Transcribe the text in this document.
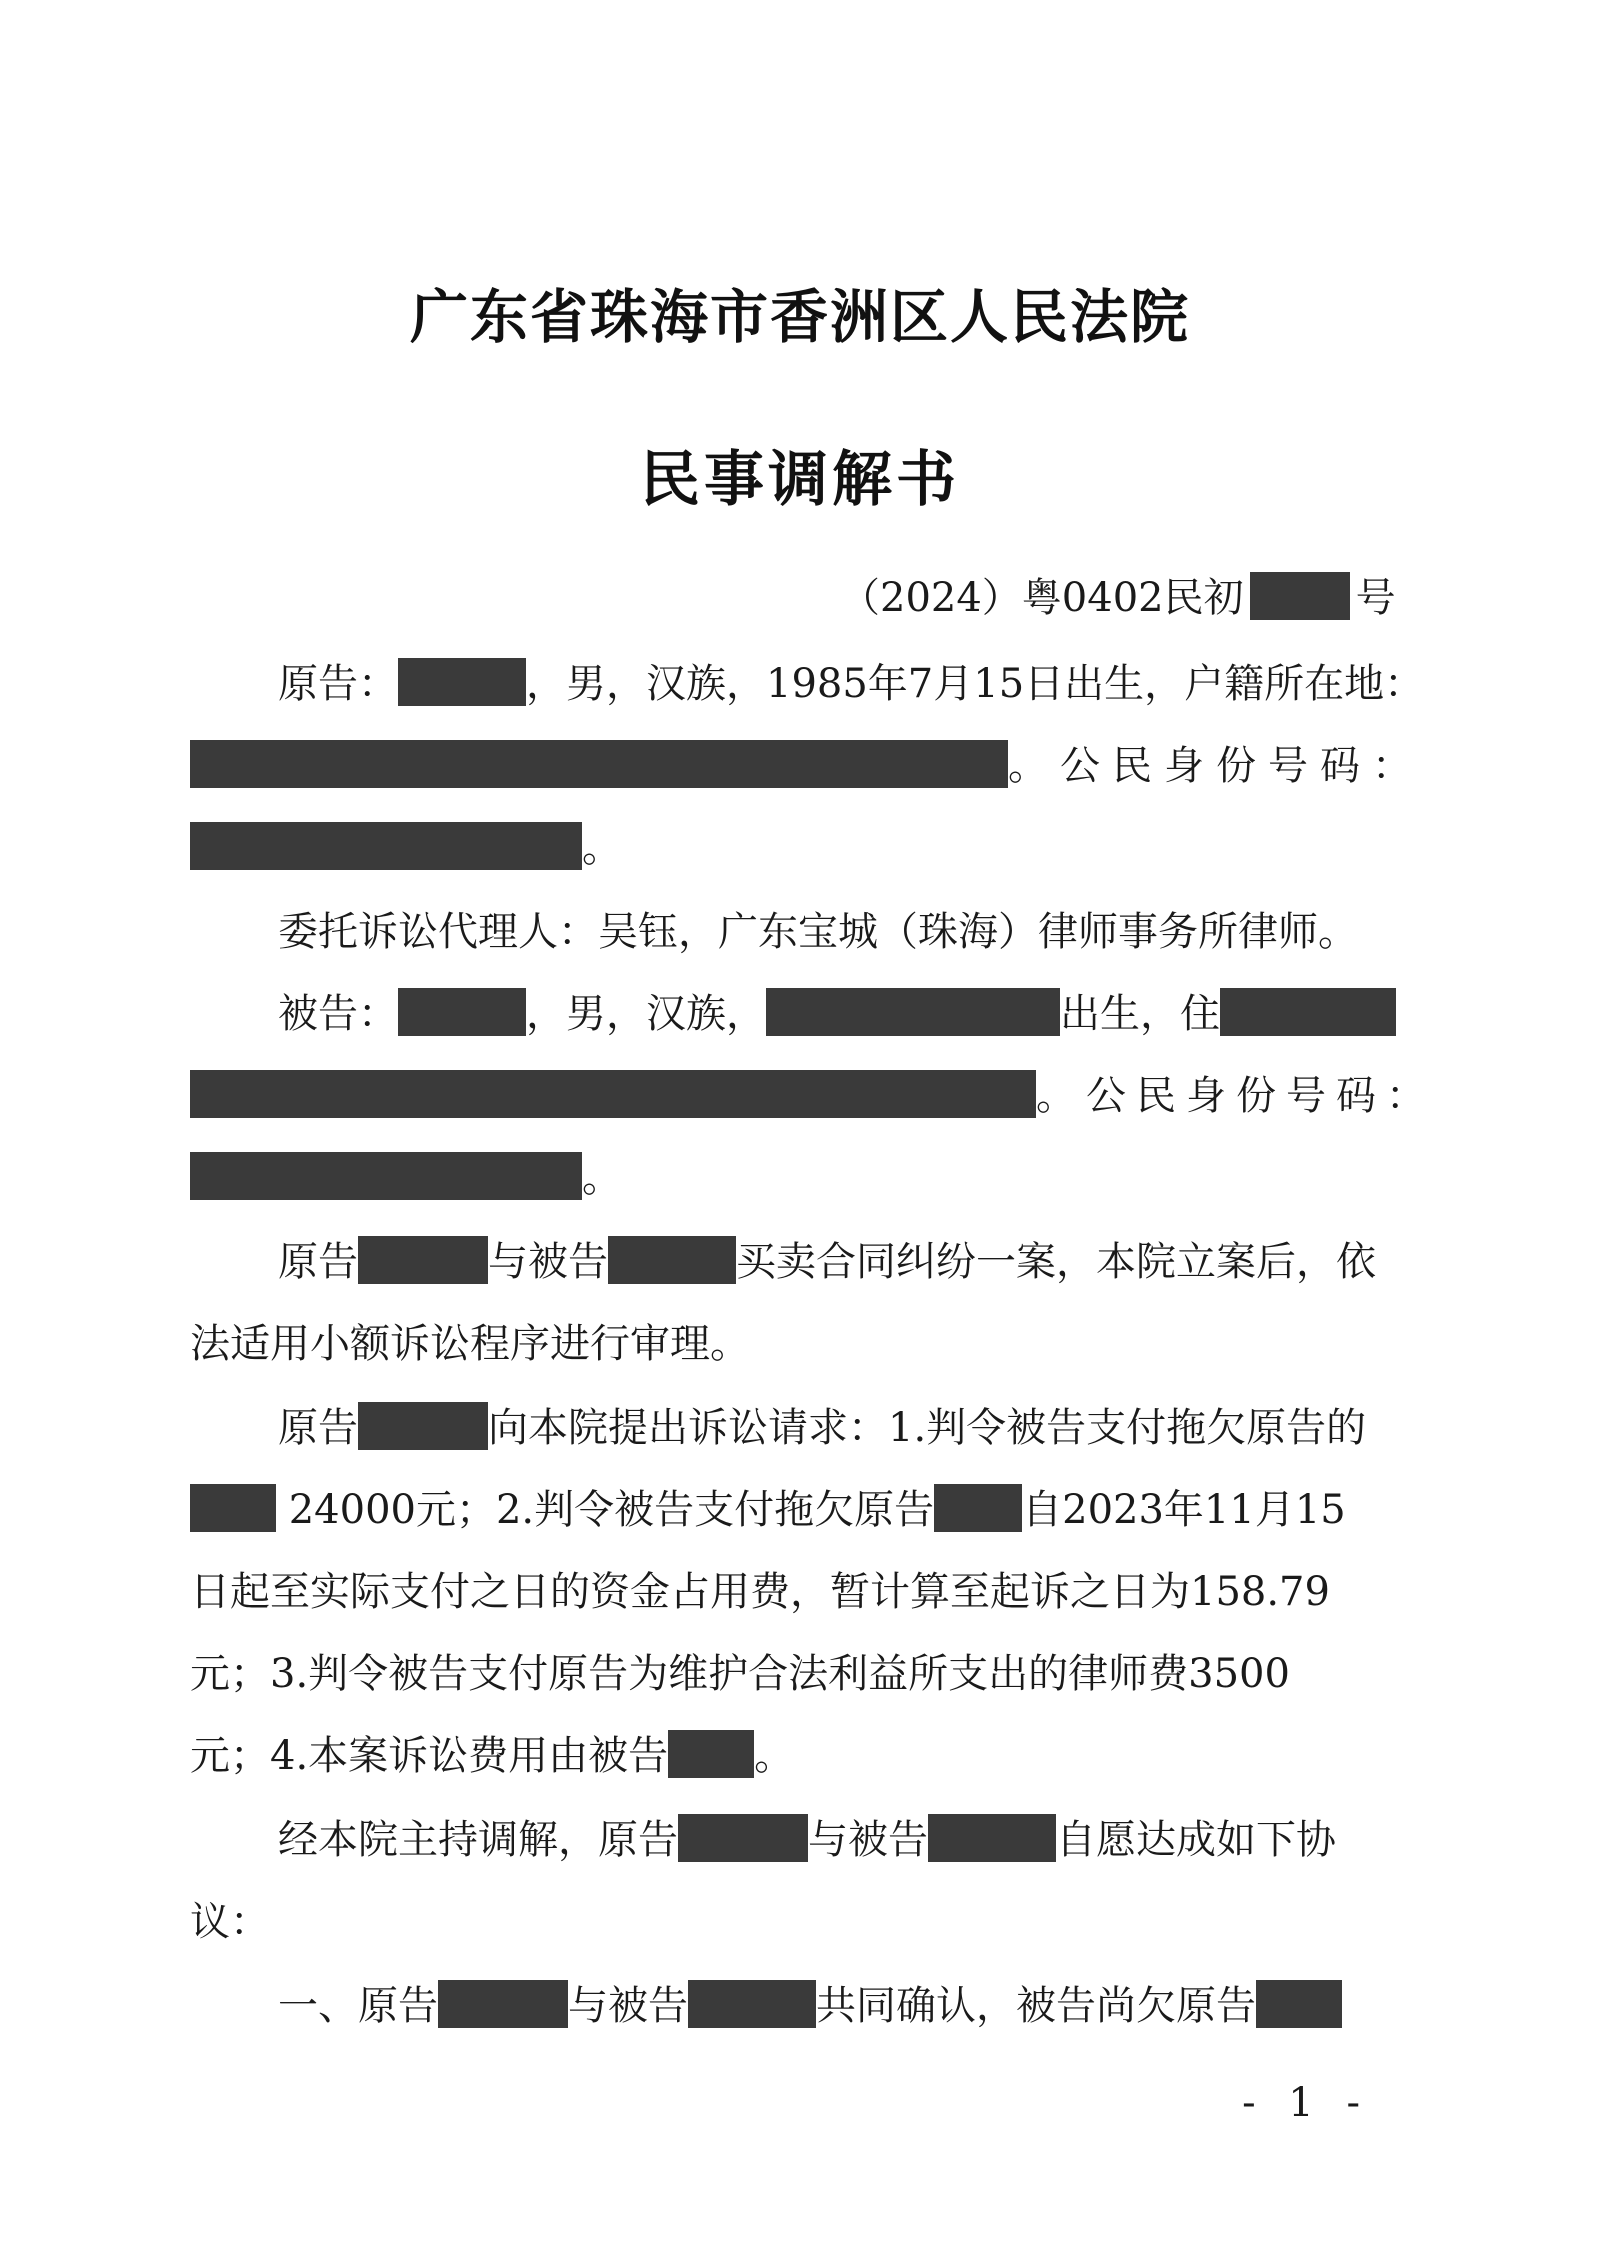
广东省珠海市香洲区人民法院
民事调解书
（2024）粤0402民初	号
原告：	，男，汉族，1985年7月15日出生，户籍所在地：
。公民身份号码：
。
委托诉讼代理人：吴钰，广东宝城（珠海）律师事务所律师。
被告：	，男，汉族，	出生，住
。公民身份号码：
。
原告	与被告	买卖合同纠纷一案，本院立案后，依
法适用小额诉讼程序进行审理。
原告	向本院提出诉讼请求：1.判令被告支付拖欠原告的
24000元；2.判令被告支付拖欠原告 自2023年11月15
日起至实际支付之日的资金占用费，暂计算至起诉之日为158.79
元；3.判令被告支付原告为维护合法利益所支出的律师费3500
元；4.本案诉讼费用由被告 。
经本院主持调解，原告	与被告	自愿达成如下协
议：
一、原告	与被告	共同确认，被告尚欠原告
- 1 -
